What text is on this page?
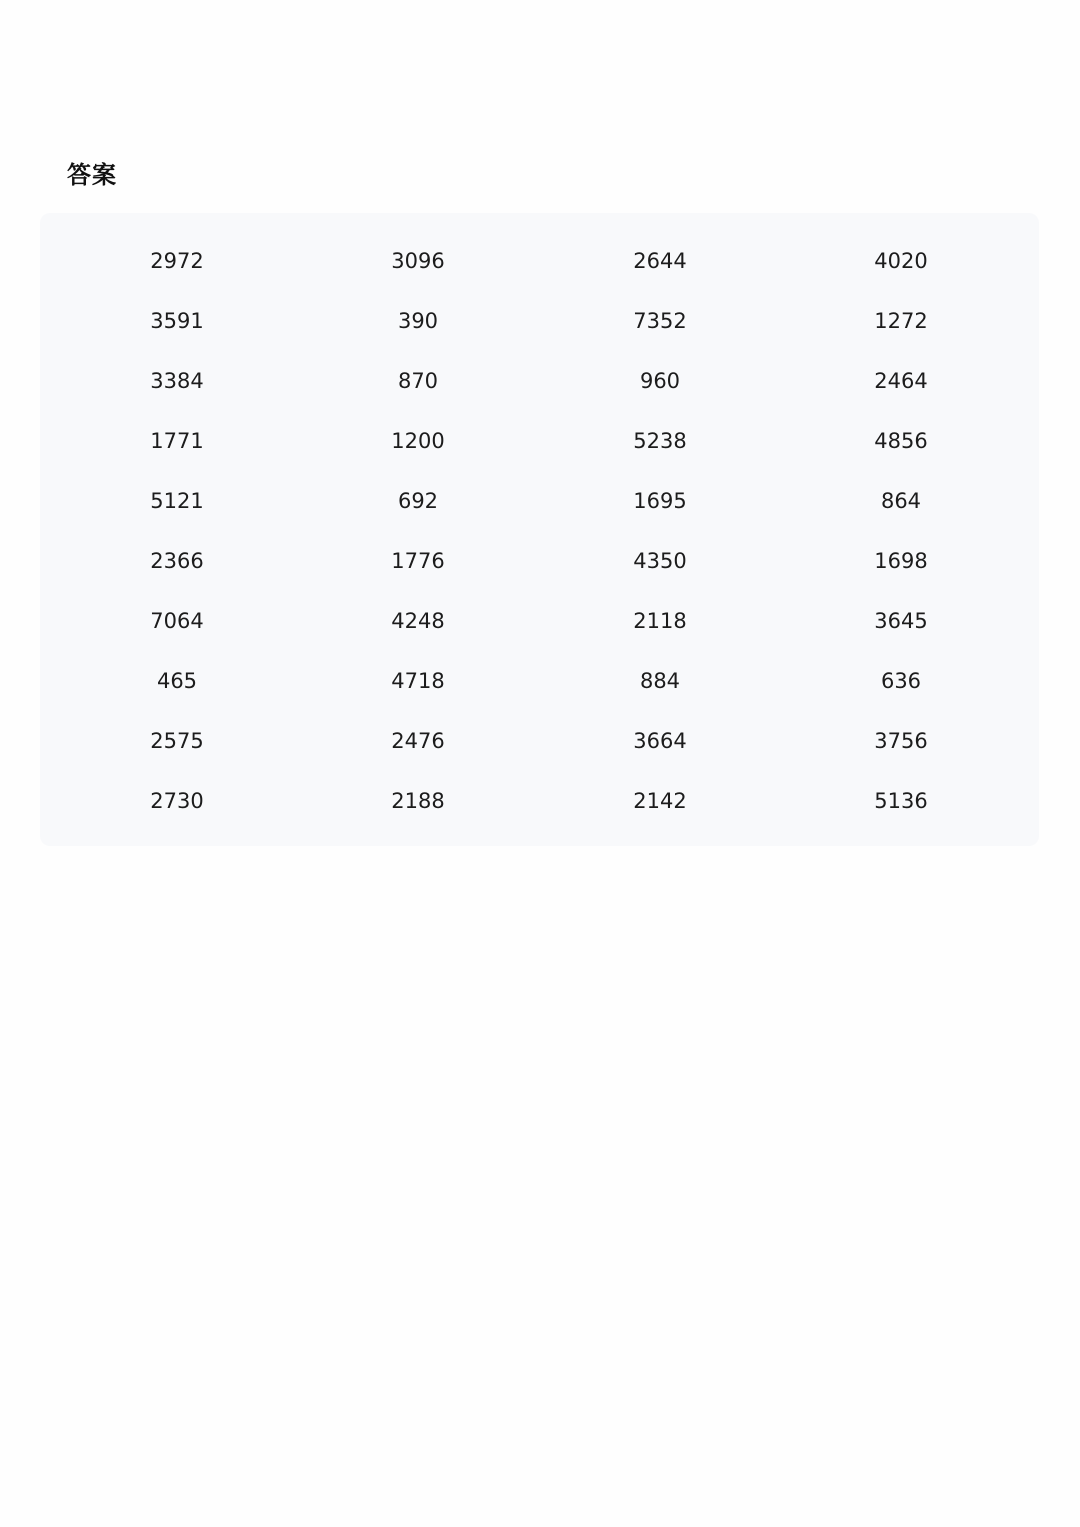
答案
2972	3096	2644	4020
3591	390	7352	1272
3384	870	960	2464
1771	1200	5238	4856
5121	692	1695	864
2366	1776	4350	1698
7064	4248	2118	3645
465	4718	884	636
2575	2476	3664	3756
2730	2188	2142	5136
